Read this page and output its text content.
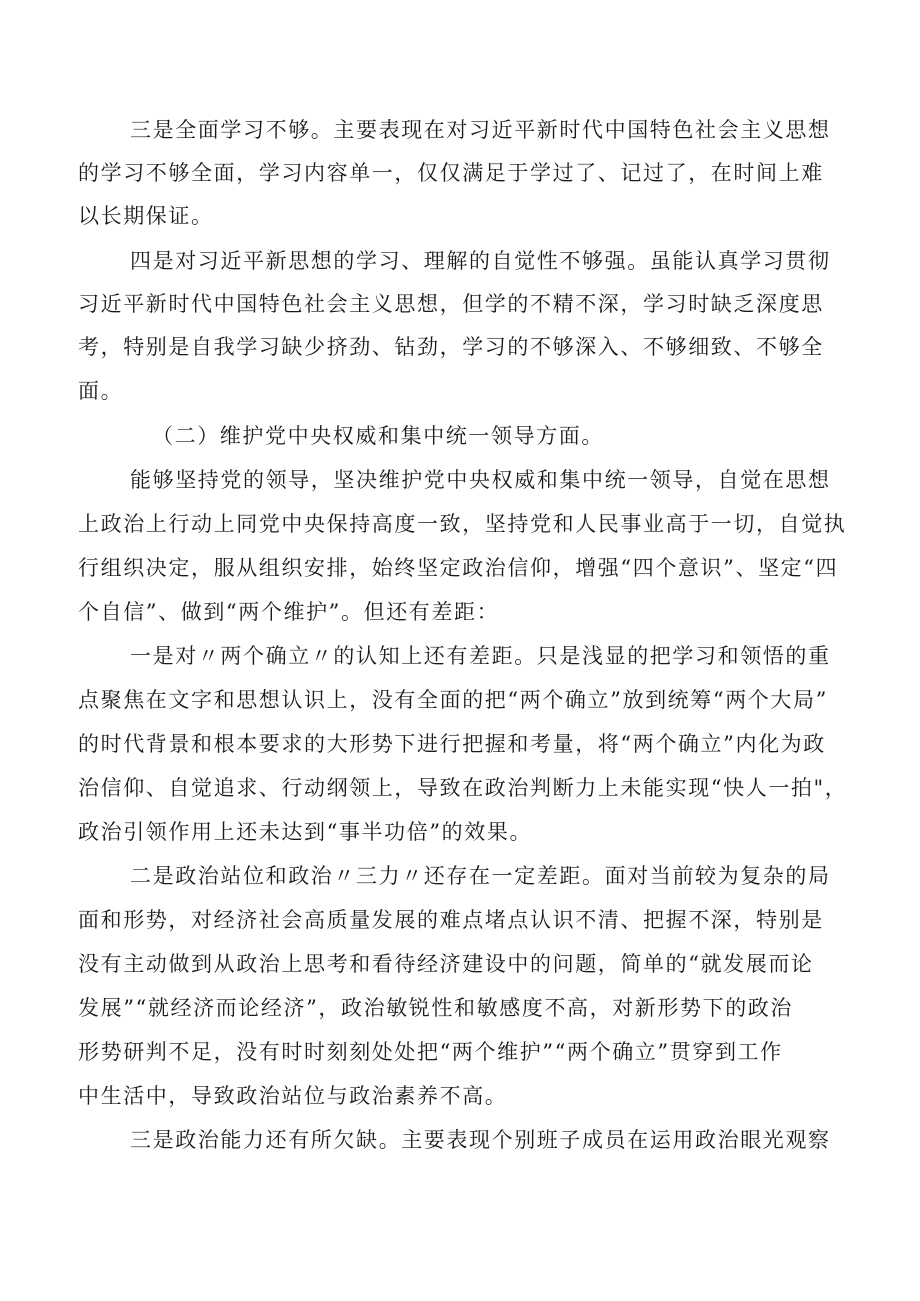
三是全面学习不够。主要表现在对习近平新时代中国特色社会主义思想
的学习不够全面，学习内容单一，仅仅满足于学过了、记过了，在时间上难
以长期保证。
四是对习近平新思想的学习、理解的自觉性不够强。虽能认真学习贯彻
习近平新时代中国特色社会主义思想，但学的不精不深，学习时缺乏深度思
考，特别是自我学习缺少挤劲、钻劲，学习的不够深入、不够细致、不够全
面。
（二）维护党中央权威和集中统一领导方面。
能够坚持党的领导，坚决维护党中央权威和集中统一领导，自觉在思想
上政治上行动上同党中央保持高度一致，坚持党和人民事业高于一切，自觉执
行组织决定，服从组织安排，始终坚定政治信仰，增强“四个意识”、坚定“四
个自信”、做到“两个维护”。但还有差距：
一是对〃两个确立〃的认知上还有差距。只是浅显的把学习和领悟的重
点聚焦在文字和思想认识上，没有全面的把“两个确立”放到统筹“两个大局”
的时代背景和根本要求的大形势下进行把握和考量，将“两个确立”内化为政
治信仰、自觉追求、行动纲领上，导致在政治判断力上未能实现“快人一拍"，
政治引领作用上还未达到“事半功倍”的效果。
二是政治站位和政治〃三力〃还存在一定差距。面对当前较为复杂的局
面和形势，对经济社会高质量发展的难点堵点认识不清、把握不深，特别是
没有主动做到从政治上思考和看待经济建设中的问题，简单的“就发展而论
发展”“就经济而论经济”，政治敏锐性和敏感度不高，对新形势下的政治
形势研判不足，没有时时刻刻处处把“两个维护”“两个确立”贯穿到工作
中生活中，导致政治站位与政治素养不高。
三是政治能力还有所欠缺。主要表现个别班子成员在运用政治眼光观察
